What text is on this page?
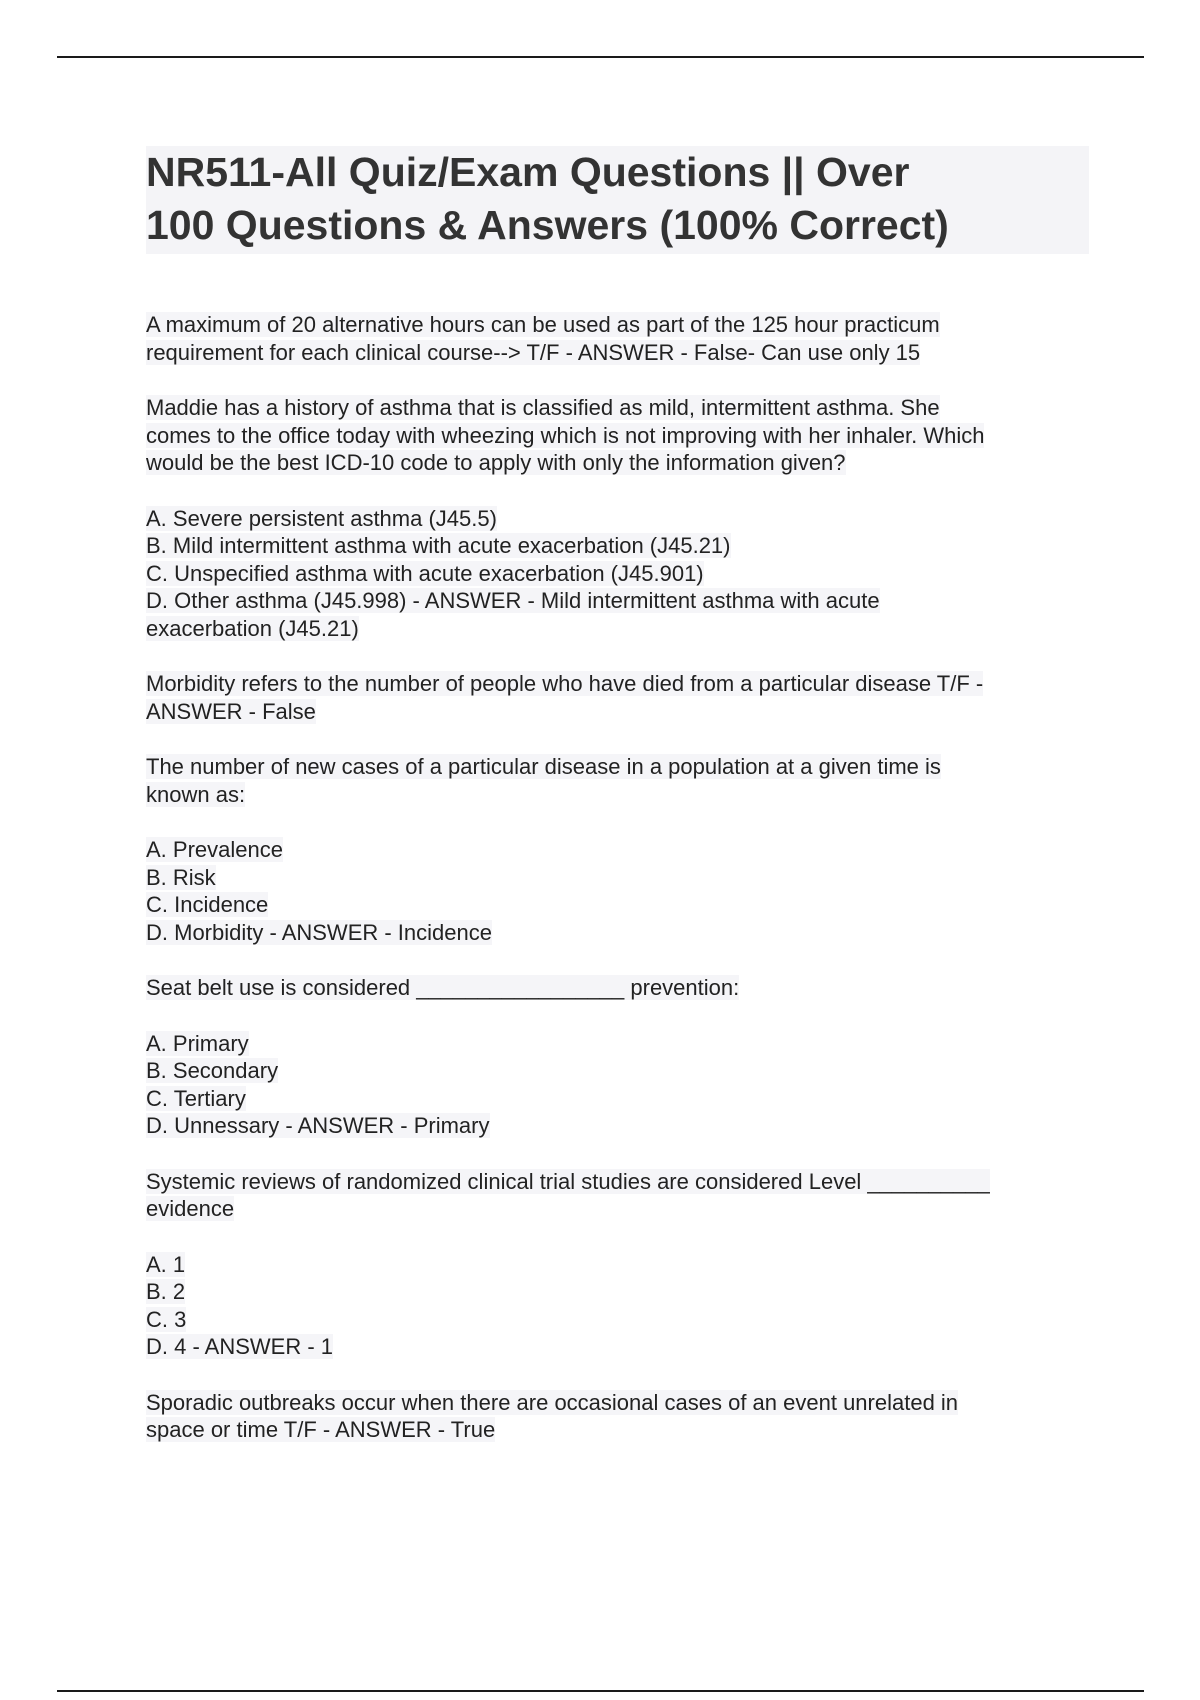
NR511-All Quiz/Exam Questions || Over
100 Questions & Answers (100% Correct)
A maximum of 20 alternative hours can be used as part of the 125 hour practicum
requirement for each clinical course--> T/F - ANSWER - False- Can use only 15
Maddie has a history of asthma that is classified as mild, intermittent asthma. She
comes to the office today with wheezing which is not improving with her inhaler. Which
would be the best ICD-10 code to apply with only the information given?
A. Severe persistent asthma (J45.5)
B. Mild intermittent asthma with acute exacerbation (J45.21)
C. Unspecified asthma with acute exacerbation (J45.901)
D. Other asthma (J45.998) - ANSWER - Mild intermittent asthma with acute
exacerbation (J45.21)
Morbidity refers to the number of people who have died from a particular disease T/F -
ANSWER - False
The number of new cases of a particular disease in a population at a given time is
known as:
A. Prevalence
B. Risk
C. Incidence
D. Morbidity - ANSWER - Incidence
Seat belt use is considered _________________ prevention:
A. Primary
B. Secondary
C. Tertiary
D. Unnessary - ANSWER - Primary
Systemic reviews of randomized clinical trial studies are considered Level __________
evidence
A. 1
B. 2
C. 3
D. 4 - ANSWER - 1
Sporadic outbreaks occur when there are occasional cases of an event unrelated in
space or time T/F - ANSWER - True
